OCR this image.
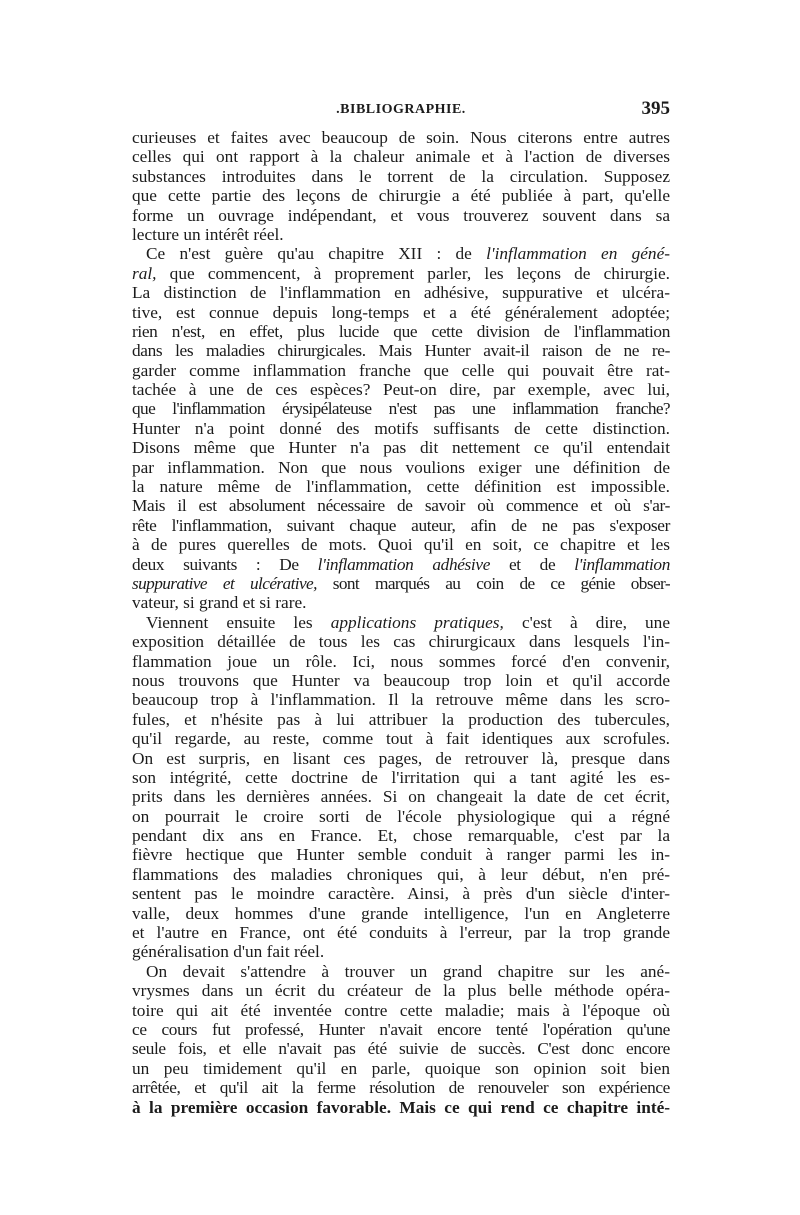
.BIBLIOGRAPHIE.	395
curieuses et faites avec beaucoup de soin. Nous citerons entre autres
celles qui ont rapport à la chaleur animale et à l'action de diverses
substances introduites dans le torrent de la circulation. Supposez
que cette partie des leçons de chirurgie a été publiée à part, qu'elle
forme un ouvrage indépendant, et vous trouverez souvent dans sa
lecture un intérêt réel.
Ce n'est guère qu'au chapitre XII : de l'inflammation en géné-
ral, que commencent, à proprement parler, les leçons de chirurgie.
La distinction de l'inflammation en adhésive, suppurative et ulcéra-
tive, est connue depuis long-temps et a été généralement adoptée;
rien n'est, en effet, plus lucide que cette division de l'inflammation
dans les maladies chirurgicales. Mais Hunter avait-il raison de ne re-
garder comme inflammation franche que celle qui pouvait être rat-
tachée à une de ces espèces? Peut-on dire, par exemple, avec lui,
que l'inflammation érysipélateuse n'est pas une inflammation franche?
Hunter n'a point donné des motifs suffisants de cette distinction.
Disons même que Hunter n'a pas dit nettement ce qu'il entendait
par inflammation. Non que nous voulions exiger une définition de
la nature même de l'inflammation, cette définition est impossible.
Mais il est absolument nécessaire de savoir où commence et où s'ar-
rête l'inflammation, suivant chaque auteur, afin de ne pas s'exposer
à de pures querelles de mots. Quoi qu'il en soit, ce chapitre et les
deux suivants : De l'inflammation adhésive et de l'inflammation
suppurative et ulcérative, sont marqués au coin de ce génie obser-
vateur, si grand et si rare.
Viennent ensuite les applications pratiques, c'est à dire, une
exposition détaillée de tous les cas chirurgicaux dans lesquels l'in-
flammation joue un rôle. Ici, nous sommes forcé d'en convenir,
nous trouvons que Hunter va beaucoup trop loin et qu'il accorde
beaucoup trop à l'inflammation. Il la retrouve même dans les scro-
fules, et n'hésite pas à lui attribuer la production des tubercules,
qu'il regarde, au reste, comme tout à fait identiques aux scrofules.
On est surpris, en lisant ces pages, de retrouver là, presque dans
son intégrité, cette doctrine de l'irritation qui a tant agité les es-
prits dans les dernières années. Si on changeait la date de cet écrit,
on pourrait le croire sorti de l'école physiologique qui a régné
pendant dix ans en France. Et, chose remarquable, c'est par la
fièvre hectique que Hunter semble conduit à ranger parmi les in-
flammations des maladies chroniques qui, à leur début, n'en pré-
sentent pas le moindre caractère. Ainsi, à près d'un siècle d'inter-
valle, deux hommes d'une grande intelligence, l'un en Angleterre
et l'autre en France, ont été conduits à l'erreur, par la trop grande
généralisation d'un fait réel.
On devait s'attendre à trouver un grand chapitre sur les ané-
vrysmes dans un écrit du créateur de la plus belle méthode opéra-
toire qui ait été inventée contre cette maladie; mais à l'époque où
ce cours fut professé, Hunter n'avait encore tenté l'opération qu'une
seule fois, et elle n'avait pas été suivie de succès. C'est donc encore
un peu timidement qu'il en parle, quoique son opinion soit bien
arrêtée, et qu'il ait la ferme résolution de renouveler son expérience
à la première occasion favorable. Mais ce qui rend ce chapitre inté-
